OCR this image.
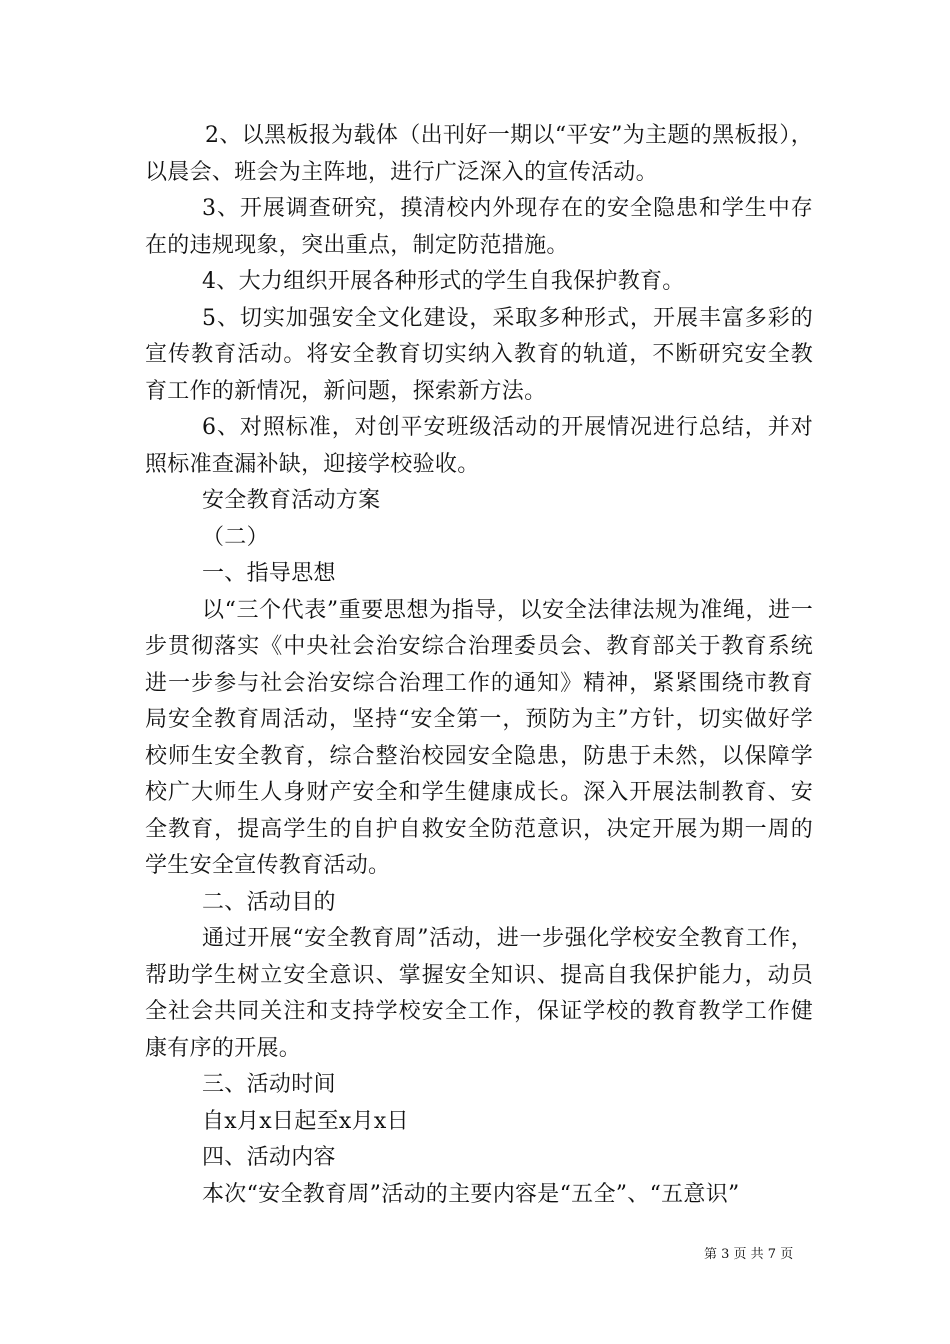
2、以黑板报为载体（出刊好一期以“平安”为主题的黑板报），以晨会、班会为主阵地，进行广泛深入的宣传活动。

3、开展调查研究，摸清校内外现存在的安全隐患和学生中存在的违规现象，突出重点，制定防范措施。

4、大力组织开展各种形式的学生自我保护教育。

5、切实加强安全文化建设，采取多种形式，开展丰富多彩的宣传教育活动。将安全教育切实纳入教育的轨道，不断研究安全教育工作的新情况，新问题，探索新方法。

6、对照标准，对创平安班级活动的开展情况进行总结，并对照标准查漏补缺，迎接学校验收。

安全教育活动方案

（二）

一、指导思想

以“三个代表”重要思想为指导，以安全法律法规为准绳，进一步贯彻落实《中央社会治安综合治理委员会、教育部关于教育系统进一步参与社会治安综合治理工作的通知》精神，紧紧围绕市教育局安全教育周活动，坚持“安全第一，预防为主”方针，切实做好学校师生安全教育，综合整治校园安全隐患，防患于未然，以保障学校广大师生人身财产安全和学生健康成长。深入开展法制教育、安全教育，提高学生的自护自救安全防范意识，决定开展为期一周的学生安全宣传教育活动。

二、活动目的

通过开展“安全教育周”活动，进一步强化学校安全教育工作，帮助学生树立安全意识、掌握安全知识、提高自我保护能力，动员全社会共同关注和支持学校安全工作，保证学校的教育教学工作健康有序的开展。

三、活动时间

自x月x日起至x月x日

四、活动内容

本次“安全教育周”活动的主要内容是“五全”、“五意识”

第 3 页 共 7 页
